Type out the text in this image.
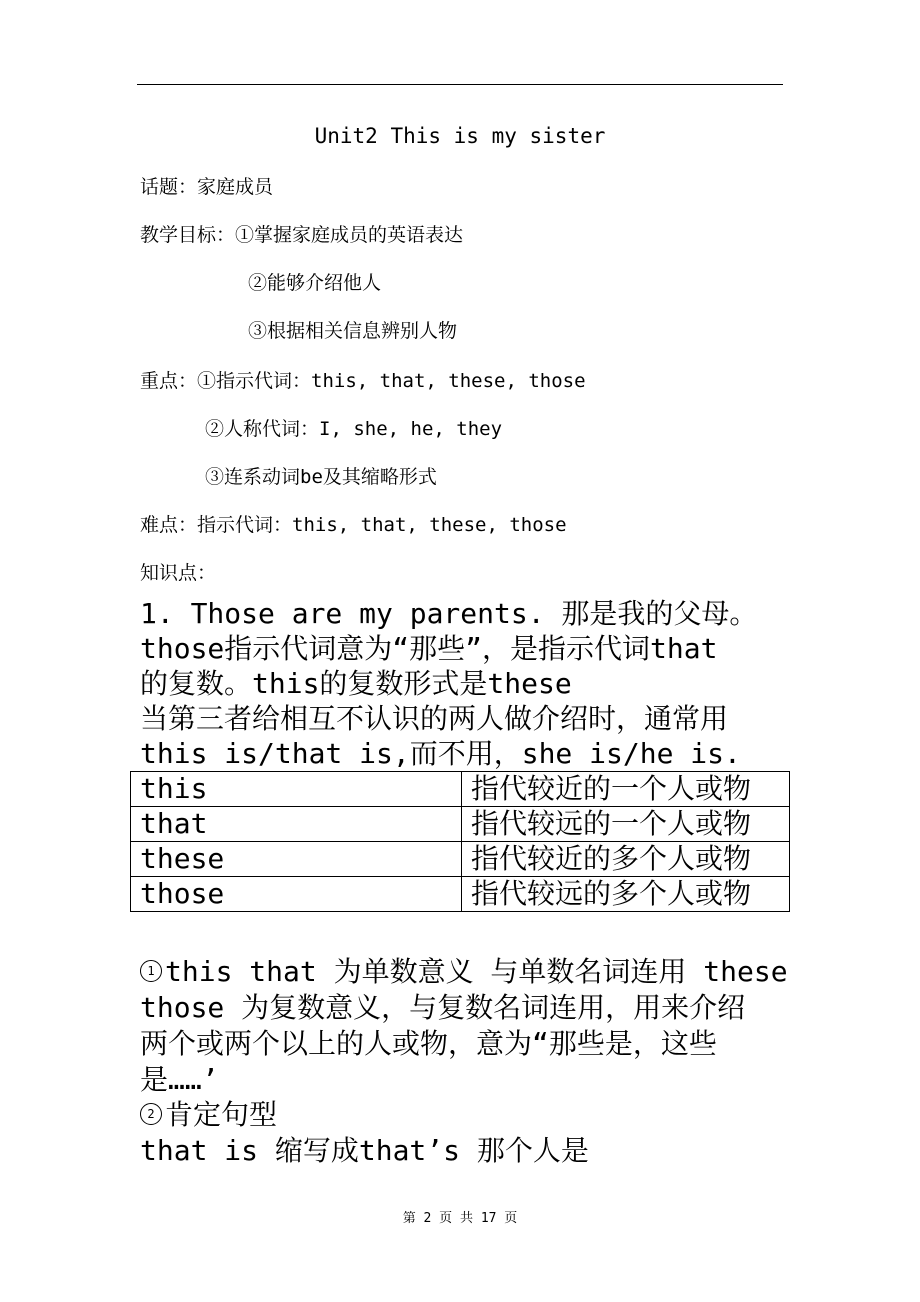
Unit2 This is my sister
话题：家庭成员
教学目标：①掌握家庭成员的英语表达
②能够介绍他人
③根据相关信息辨别人物
重点：①指示代词：this, that, these, those
②人称代词：I, she, he, they
③连系动词be及其缩略形式
难点：指示代词：this, that, these, those
知识点：
1. Those are my parents. 那是我的父母。
those指示代词意为“那些”，是指示代词that
的复数。this的复数形式是these
当第三者给相互不认识的两人做介绍时，通常用
this is/that is,而不用，she is/he is.
this	指代较近的一个人或物
that	指代较远的一个人或物
these	指代较近的多个人或物
those	指代较远的多个人或物
1 this that 为单数意义 与单数名词连用 these
those 为复数意义，与复数名词连用，用来介绍
两个或两个以上的人或物，意为“那些是，这些
是……’
2 肯定句型
that is 缩写成that’s 那个人是
第 2 页 共 17 页
